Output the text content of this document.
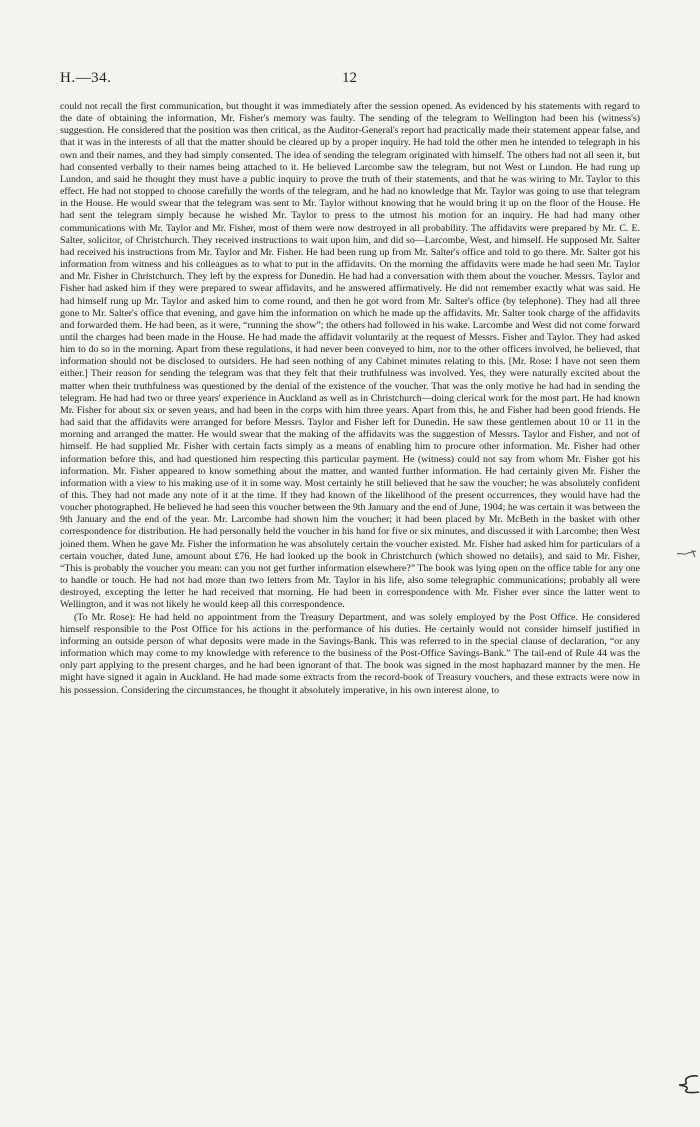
H.—34.	12

could not recall the first communication, but thought it was immediately after the session opened. As evidenced by his statements with regard to the date of obtaining the information, Mr. Fisher's memory was faulty. The sending of the telegram to Wellington had been his (witness's) suggestion. He considered that the position was then critical, as the Auditor-General's report had practically made their statement appear false, and that it was in the interests of all that the matter should be cleared up by a proper inquiry. He had told the other men he intended to telegraph in his own and their names, and they had simply consented. The idea of sending the telegram originated with himself. The others had not all seen it, but had consented verbally to their names being attached to it. He believed Larcombe saw the telegram, but not West or Lundon. He had rung up Lundon, and said he thought they must have a public inquiry to prove the truth of their statements, and that he was wiring to Mr. Taylor to this effect. He had not stopped to choose carefully the words of the telegram, and he had no knowledge that Mr. Taylor was going to use that telegram in the House. He would swear that the telegram was sent to Mr. Taylor without knowing that he would bring it up on the floor of the House. He had sent the telegram simply because he wished Mr. Taylor to press to the utmost his motion for an inquiry. He had had many other communications with Mr. Taylor and Mr. Fisher, most of them were now destroyed in all probability. The affidavits were prepared by Mr. C. E. Salter, solicitor, of Christchurch. They received instructions to wait upon him, and did so—Larcombe, West, and himself. He supposed Mr. Salter had received his instructions from Mr. Taylor and Mr. Fisher. He had been rung up from Mr. Salter's office and told to go there. Mr. Salter got his information from witness and his colleagues as to what to put in the affidavits. On the morning the affidavits were made he had seen Mr. Taylor and Mr. Fisher in Christchurch. They left by the express for Dunedin. He had had a conversation with them about the voucher. Messrs. Taylor and Fisher had asked him if they were prepared to swear affidavits, and he answered affirmatively. He did not remember exactly what was said. He had himself rung up Mr. Taylor and asked him to come round, and then he got word from Mr. Salter's office (by telephone). They had all three gone to Mr. Salter's office that evening, and gave him the information on which he made up the affidavits. Mr. Salter took charge of the affidavits and forwarded them. He had been, as it were, “running the show”; the others had followed in his wake. Larcombe and West did not come forward until the charges had been made in the House. He had made the affidavit voluntarily at the request of Messrs. Fisher and Taylor. They had asked him to do so in the morning. Apart from these regulations, it had never been conveyed to him, nor to the other officers involved, he believed, that information should not be disclosed to outsiders. He had seen nothing of any Cabinet minutes relating to this. [Mr. Rose: I have not seen them either.] Their reason for sending the telegram was that they felt that their truthfulness was involved. Yes, they were naturally excited about the matter when their truthfulness was questioned by the denial of the existence of the voucher. That was the only motive he had had in sending the telegram. He had had two or three years' experience in Auckland as well as in Christchurch—doing clerical work for the most part. He had known Mr. Fisher for about six or seven years, and had been in the corps with him three years. Apart from this, he and Fisher had been good friends. He had said that the affidavits were arranged for before Messrs. Taylor and Fisher left for Dunedin. He saw these gentlemen about 10 or 11 in the morning and arranged the matter. He would swear that the making of the affidavits was the suggestion of Messrs. Taylor and Fisher, and not of himself. He had supplied Mr. Fisher with certain facts simply as a means of enabling him to procure other information. Mr. Fisher had other information before this, and had questioned him respecting this particular payment. He (witness) could not say from whom Mr. Fisher got his information. Mr. Fisher appeared to know something about the matter, and wanted further information. He had certainly given Mr. Fisher the information with a view to his making use of it in some way. Most certainly he still believed that he saw the voucher; he was absolutely confident of this. They had not made any note of it at the time. If they had known of the likelihood of the present occurrences, they would have had the voucher photographed. He believed he had seen this voucher between the 9th January and the end of June, 1904; he was certain it was between the 9th January and the end of the year. Mr. Larcombe had shown him the voucher; it had been placed by Mr. McBeth in the basket with other correspondence for distribution. He had personally held the voucher in his hand for five or six minutes, and discussed it with Larcombe; then West joined them. When he gave Mr. Fisher the information he was absolutely certain the voucher existed. Mr. Fisher had asked him for particulars of a certain voucher, dated June, amount about £76. He had looked up the book in Christchurch (which showed no details), and said to Mr. Fisher, “This is probably the voucher you mean: can you not get further information elsewhere?” The book was lying open on the office table for any one to handle or touch. He had not had more than two letters from Mr. Taylor in his life, also some telegraphic communications; probably all were destroyed, excepting the letter he had received that morning. He had been in correspondence with Mr. Fisher ever since the latter went to Wellington, and it was not likely he would keep all this correspondence.

(To Mr. Rose): He had held no appointment from the Treasury Department, and was solely employed by the Post Office. He considered himself responsible to the Post Office for his actions in the performance of his duties. He certainly would not consider himself justified in informing an outside person of what deposits were made in the Savings-Bank. This was referred to in the special clause of declaration, “or any information which may come to my knowledge with reference to the business of the Post-Office Savings-Bank.” The tail-end of Rule 44 was the only part applying to the present charges, and he had been ignorant of that. The book was signed in the most haphazard manner by the men. He might have signed it again in Auckland. He had made some extracts from the record-book of Treasury vouchers, and these extracts were now in his possession. Considering the circumstances, he thought it absolutely imperative, in his own interest alone, to
